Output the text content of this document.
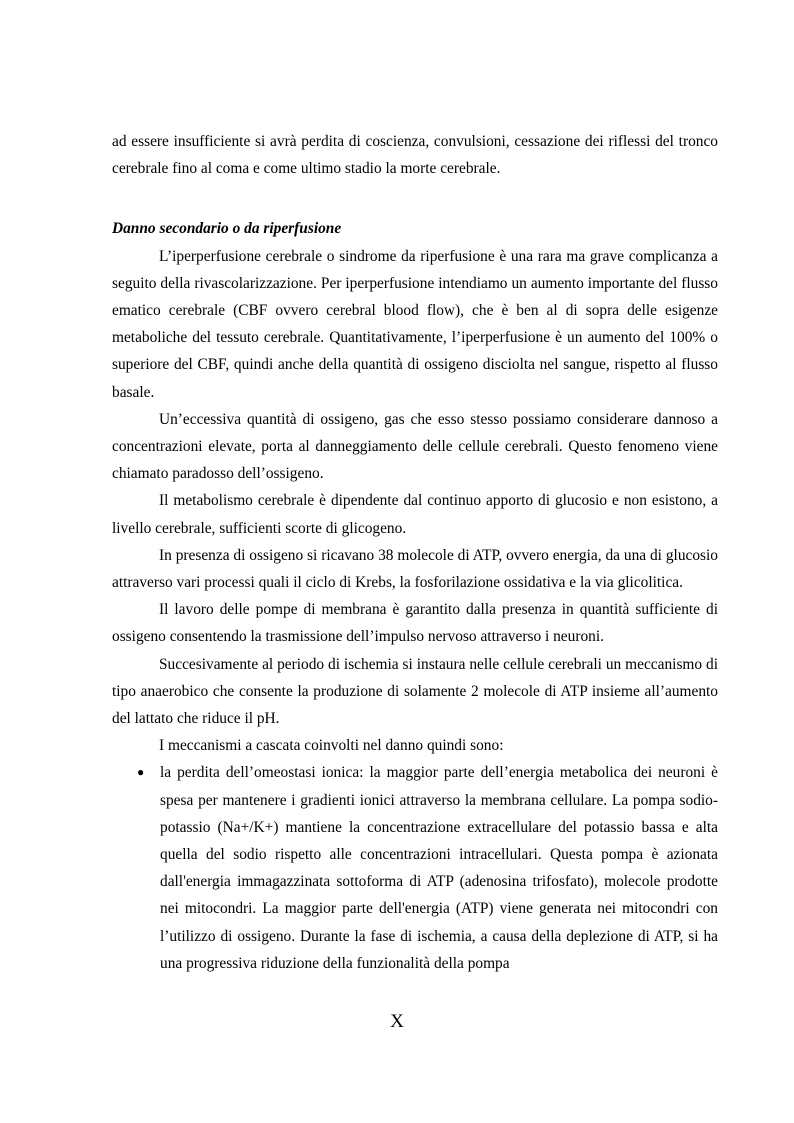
ad essere insufficiente si avrà perdita di coscienza, convulsioni, cessazione dei riflessi del tronco cerebrale fino al coma e come ultimo stadio la morte cerebrale.

Danno secondario o da riperfusione

L’iperperfusione cerebrale o sindrome da riperfusione è una rara ma grave complicanza a seguito della rivascolarizzazione. Per iperperfusione intendiamo un aumento importante del flusso ematico cerebrale (CBF ovvero cerebral blood flow), che è ben al di sopra delle esigenze metaboliche del tessuto cerebrale. Quantitativamente, l’iperperfusione è un aumento del 100% o superiore del CBF, quindi anche della quantità di ossigeno disciolta nel sangue, rispetto al flusso basale.

Un’eccessiva quantità di ossigeno, gas che esso stesso possiamo considerare dannoso a concentrazioni elevate, porta al danneggiamento delle cellule cerebrali. Questo fenomeno viene chiamato paradosso dell’ossigeno.

Il metabolismo cerebrale è dipendente dal continuo apporto di glucosio e non esistono, a livello cerebrale, sufficienti scorte di glicogeno.

In presenza di ossigeno si ricavano 38 molecole di ATP, ovvero energia, da una di glucosio attraverso vari processi quali il ciclo di Krebs, la fosforilazione ossidativa e la via glicolitica.

Il lavoro delle pompe di membrana è garantito dalla presenza in quantità sufficiente di ossigeno consentendo la trasmissione dell’impulso nervoso attraverso i neuroni.

Succesivamente al periodo di ischemia si instaura nelle cellule cerebrali un meccanismo di tipo anaerobico che consente la produzione di solamente 2 molecole di ATP insieme all’aumento del lattato che riduce il pH.

I meccanismi a cascata coinvolti nel danno quindi sono:

● la perdita dell’omeostasi ionica: la maggior parte dell’energia metabolica dei neuroni è spesa per mantenere i gradienti ionici attraverso la membrana cellulare. La pompa sodio-potassio (Na+/K+) mantiene la concentrazione extracellulare del potassio bassa e alta quella del sodio rispetto alle concentrazioni intracellulari. Questa pompa è azionata dall'energia immagazzinata sottoforma di ATP (adenosina trifosfato), molecole prodotte nei mitocondri. La maggior parte dell'energia (ATP) viene generata nei mitocondri con l’utilizzo di ossigeno. Durante la fase di ischemia, a causa della deplezione di ATP, si ha una progressiva riduzione della funzionalità della pompa
X
